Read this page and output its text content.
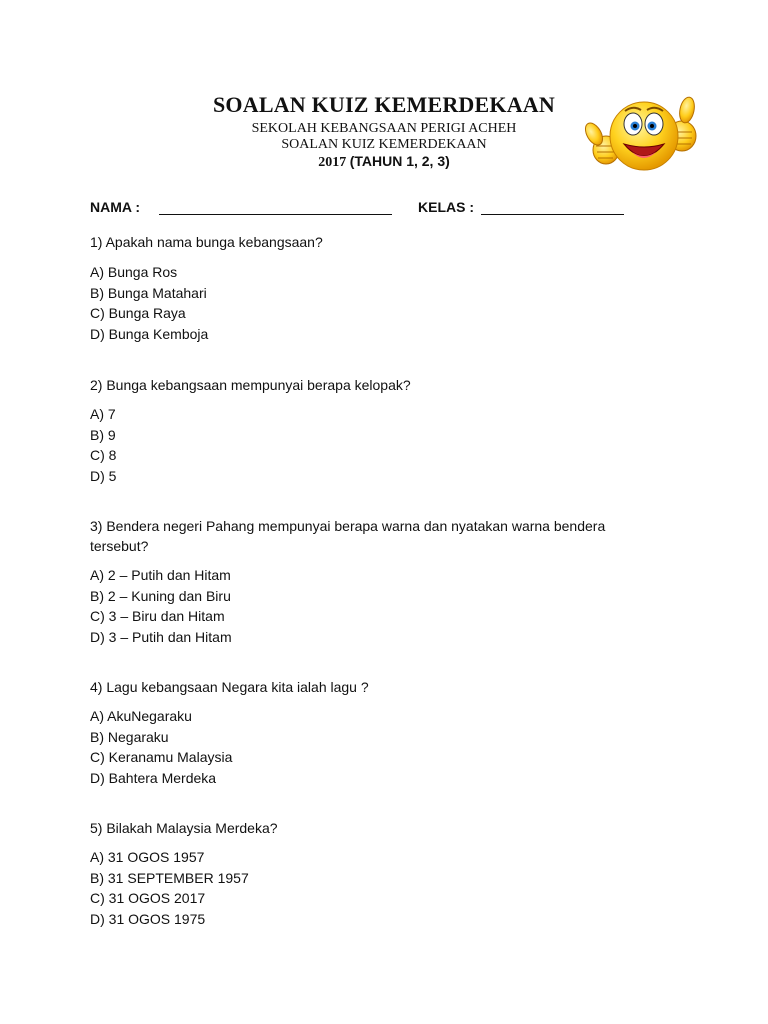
SOALAN KUIZ KEMERDEKAAN
SEKOLAH KEBANGSAAN PERIGI ACHEH
SOALAN KUIZ KEMERDEKAAN
2017 (TAHUN 1, 2, 3)
NAMA :	KELAS :
1) Apakah nama bunga kebangsaan?
A) Bunga Ros
B) Bunga Matahari
C) Bunga Raya
D) Bunga Kemboja
2) Bunga kebangsaan mempunyai berapa kelopak?
A) 7
B) 9
C) 8
D) 5
3) Bendera negeri Pahang mempunyai berapa warna dan nyatakan warna bendera tersebut?
A) 2 – Putih dan Hitam
B) 2 – Kuning dan Biru
C) 3 – Biru dan Hitam
D) 3 – Putih dan Hitam
4) Lagu kebangsaan Negara kita ialah lagu ?
A) AkuNegaraku
B) Negaraku
C) Keranamu Malaysia
D) Bahtera Merdeka
5) Bilakah Malaysia Merdeka?
A) 31 OGOS 1957
B) 31 SEPTEMBER 1957
C) 31 OGOS 2017
D) 31 OGOS 1975
